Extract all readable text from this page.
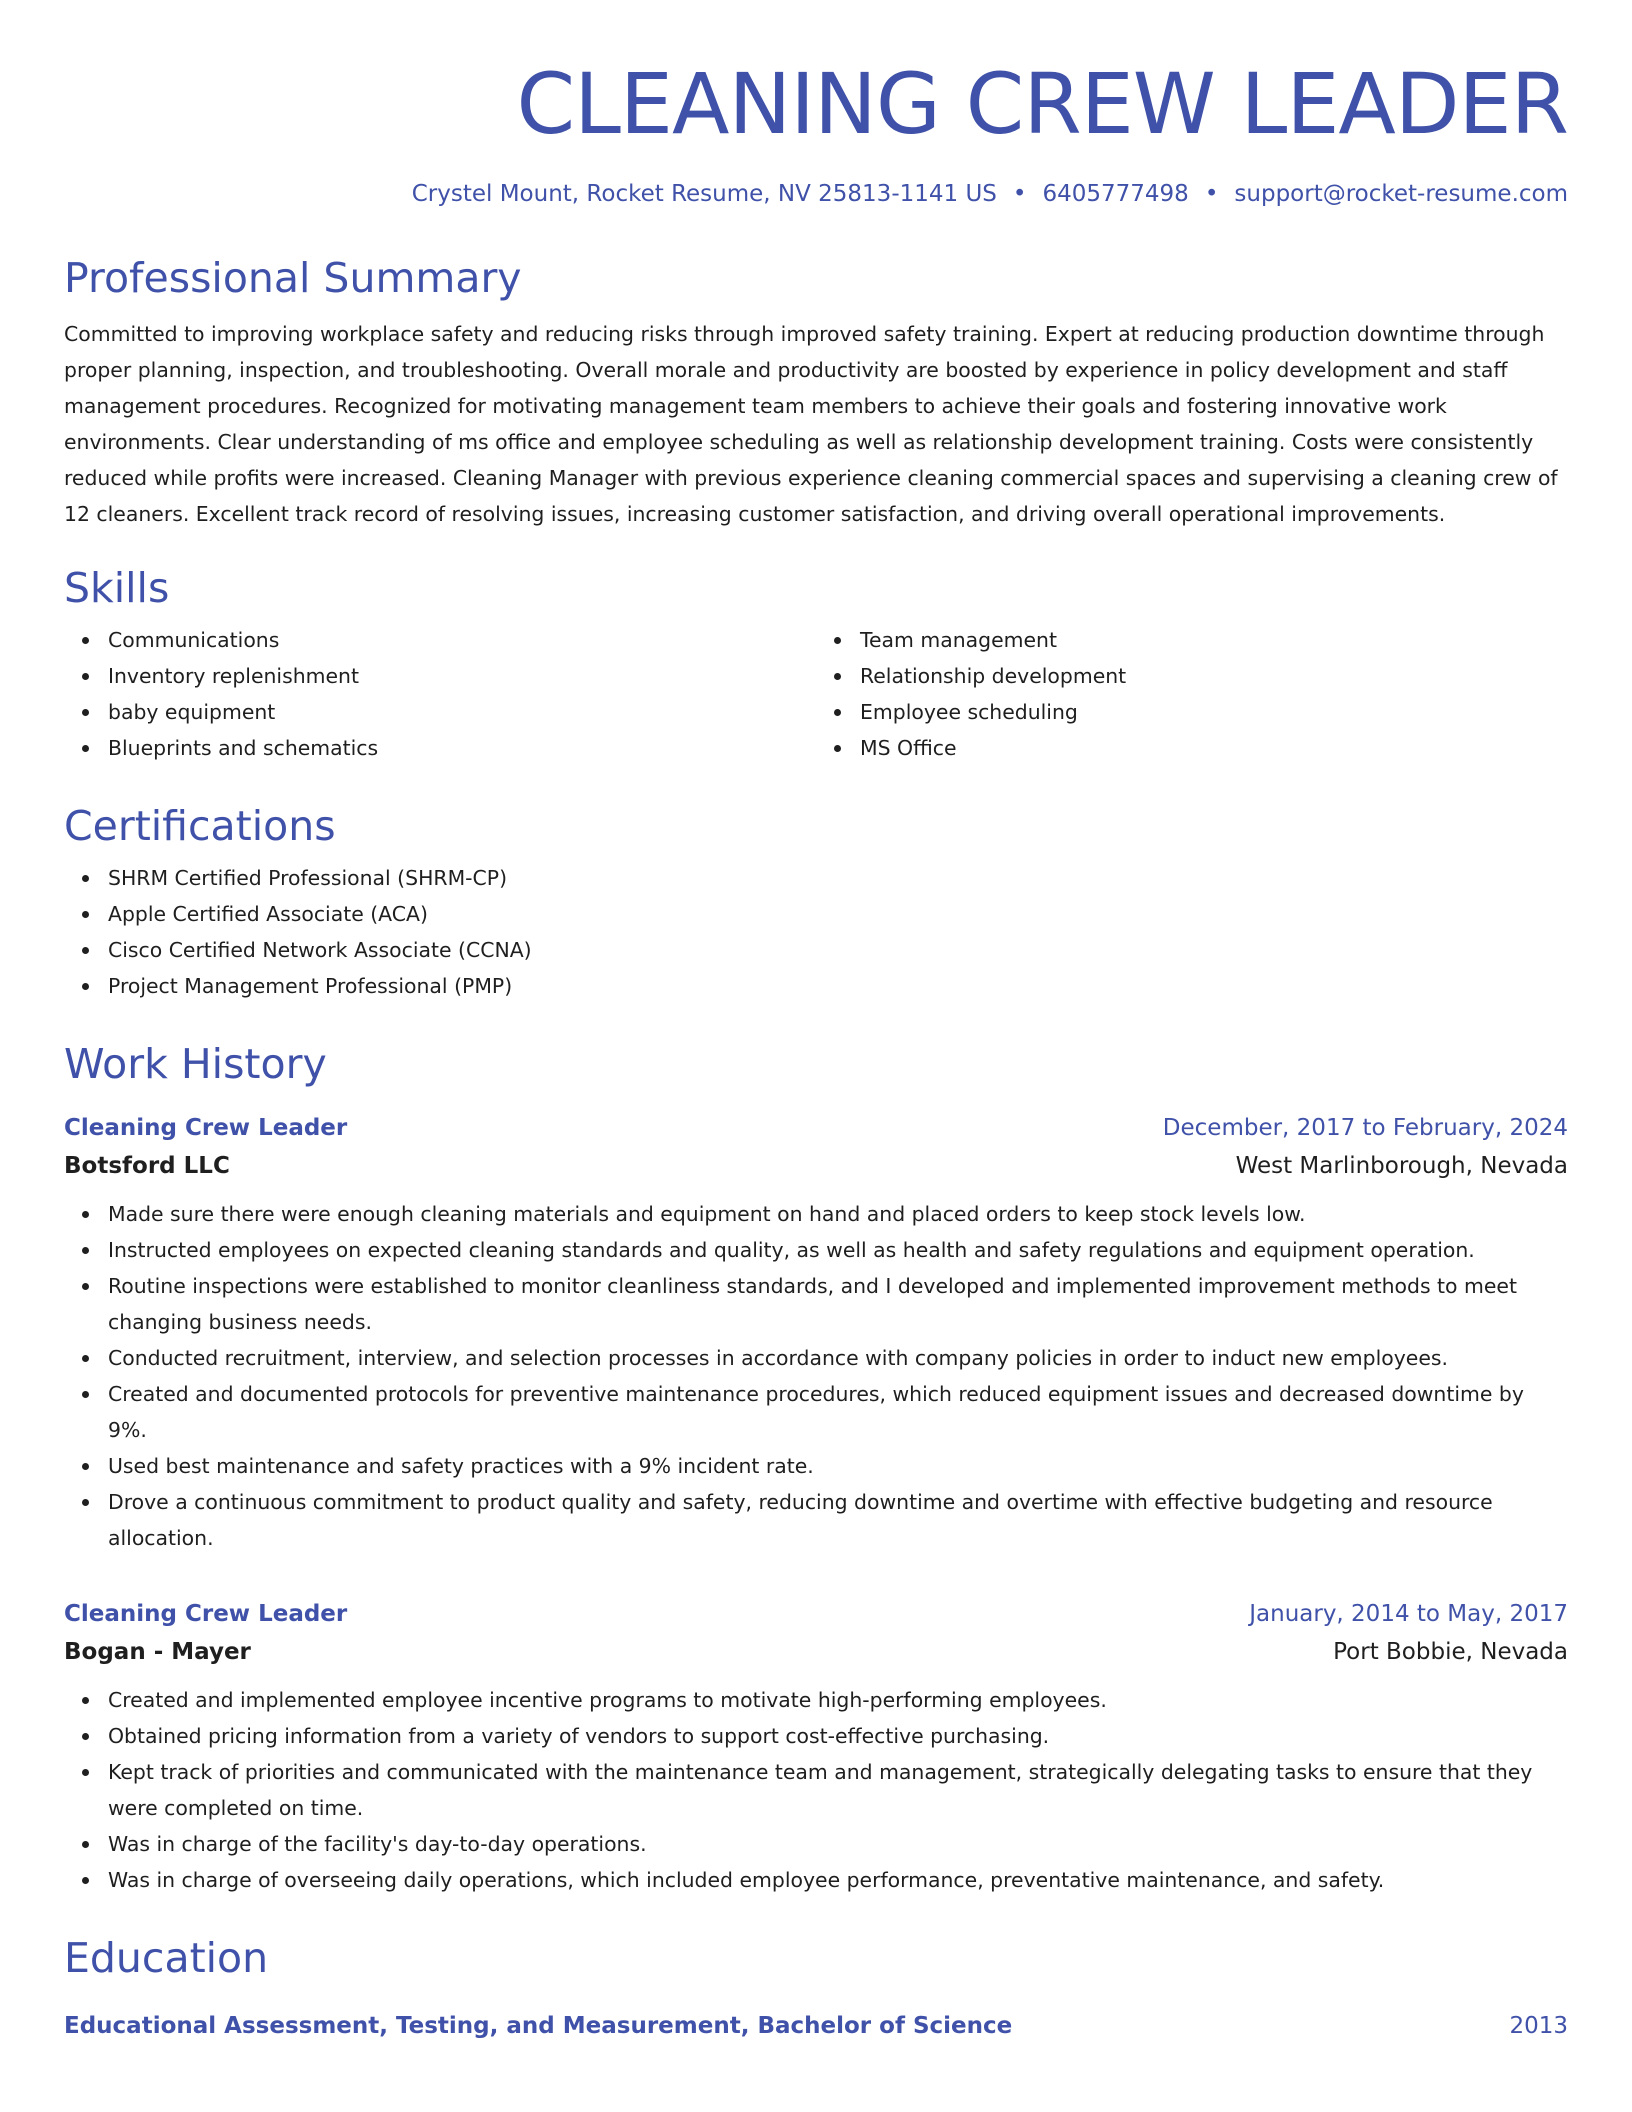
CLEANING CREW LEADER
Crystel Mount, Rocket Resume, NV 25813-1141 US • 6405777498 • support@rocket-resume.com
Professional Summary

Committed to improving workplace safety and reducing risks through improved safety training. Expert at reducing production downtime through proper planning, inspection, and troubleshooting. Overall morale and productivity are boosted by experience in policy development and staff management procedures. Recognized for motivating management team members to achieve their goals and fostering innovative work environments. Clear understanding of ms office and employee scheduling as well as relationship development training. Costs were consistently reduced while profits were increased. Cleaning Manager with previous experience cleaning commercial spaces and supervising a cleaning crew of 12 cleaners. Excellent track record of resolving issues, increasing customer satisfaction, and driving overall operational improvements.

Skills
Communications
Inventory replenishment
baby equipment
Blueprints and schematics
Team management
Relationship development
Employee scheduling
MS Office
Certifications
SHRM Certified Professional (SHRM-CP)
Apple Certified Associate (ACA)
Cisco Certified Network Associate (CCNA)
Project Management Professional (PMP)
Work History
Cleaning Crew Leader	December, 2017 to February, 2024
Botsford LLC	West Marlinborough, Nevada
Made sure there were enough cleaning materials and equipment on hand and placed orders to keep stock levels low.
Instructed employees on expected cleaning standards and quality, as well as health and safety regulations and equipment operation.
Routine inspections were established to monitor cleanliness standards, and I developed and implemented improvement methods to meet changing business needs.
Conducted recruitment, interview, and selection processes in accordance with company policies in order to induct new employees.
Created and documented protocols for preventive maintenance procedures, which reduced equipment issues and decreased downtime by 9%.
Used best maintenance and safety practices with a 9% incident rate.
Drove a continuous commitment to product quality and safety, reducing downtime and overtime with effective budgeting and resource allocation.
Cleaning Crew Leader	January, 2014 to May, 2017
Bogan - Mayer	Port Bobbie, Nevada
Created and implemented employee incentive programs to motivate high-performing employees.
Obtained pricing information from a variety of vendors to support cost-effective purchasing.
Kept track of priorities and communicated with the maintenance team and management, strategically delegating tasks to ensure that they were completed on time.
Was in charge of the facility's day-to-day operations.
Was in charge of overseeing daily operations, which included employee performance, preventative maintenance, and safety.
Education
Educational Assessment, Testing, and Measurement, Bachelor of Science	2013
